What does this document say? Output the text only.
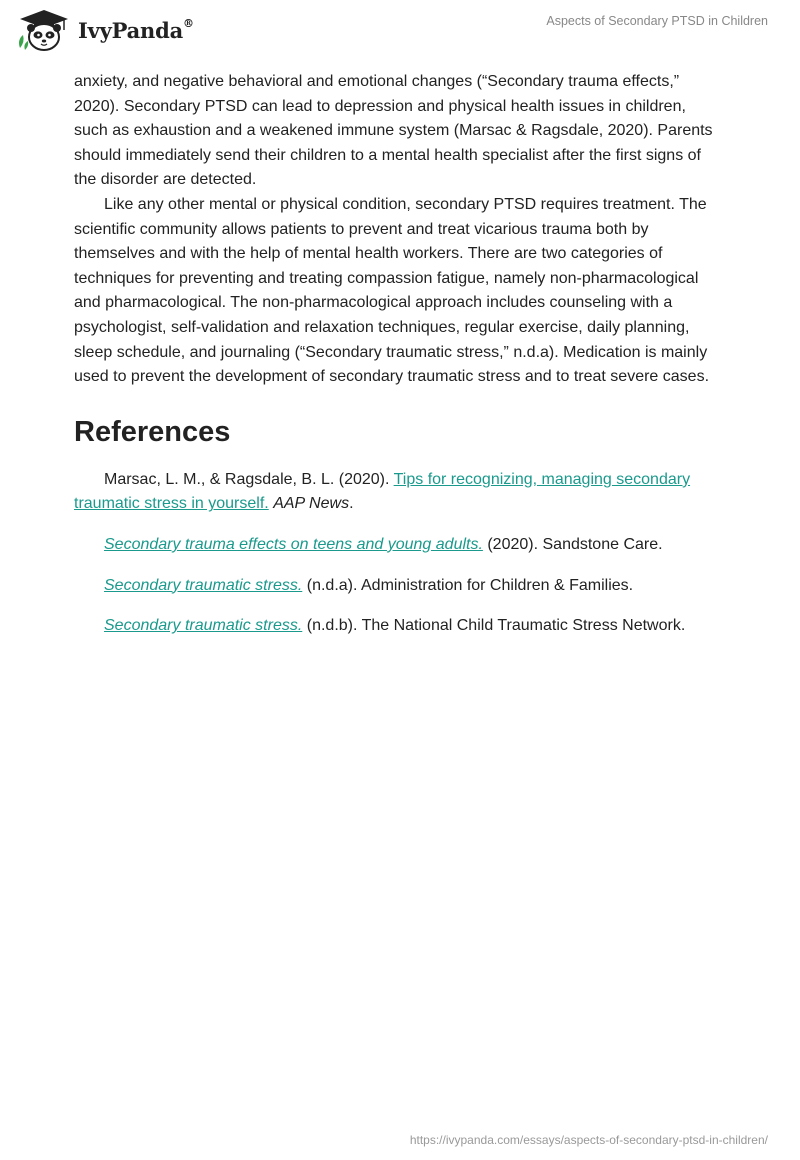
IvyPanda®	Aspects of Secondary PTSD in Children

anxiety, and negative behavioral and emotional changes (“Secondary trauma effects,” 2020). Secondary PTSD can lead to depression and physical health issues in children, such as exhaustion and a weakened immune system (Marsac & Ragsdale, 2020). Parents should immediately send their children to a mental health specialist after the first signs of the disorder are detected.

Like any other mental or physical condition, secondary PTSD requires treatment. The scientific community allows patients to prevent and treat vicarious trauma both by themselves and with the help of mental health workers. There are two categories of techniques for preventing and treating compassion fatigue, namely non-pharmacological and pharmacological. The non-pharmacological approach includes counseling with a psychologist, self-validation and relaxation techniques, regular exercise, daily planning, sleep schedule, and journaling (“Secondary traumatic stress,” n.d.a). Medication is mainly used to prevent the development of secondary traumatic stress and to treat severe cases.

References

Marsac, L. M., & Ragsdale, B. L. (2020). Tips for recognizing, managing secondary traumatic stress in yourself. AAP News.

Secondary trauma effects on teens and young adults. (2020). Sandstone Care.

Secondary traumatic stress. (n.d.a). Administration for Children & Families.

Secondary traumatic stress. (n.d.b). The National Child Traumatic Stress Network.

https://ivypanda.com/essays/aspects-of-secondary-ptsd-in-children/
